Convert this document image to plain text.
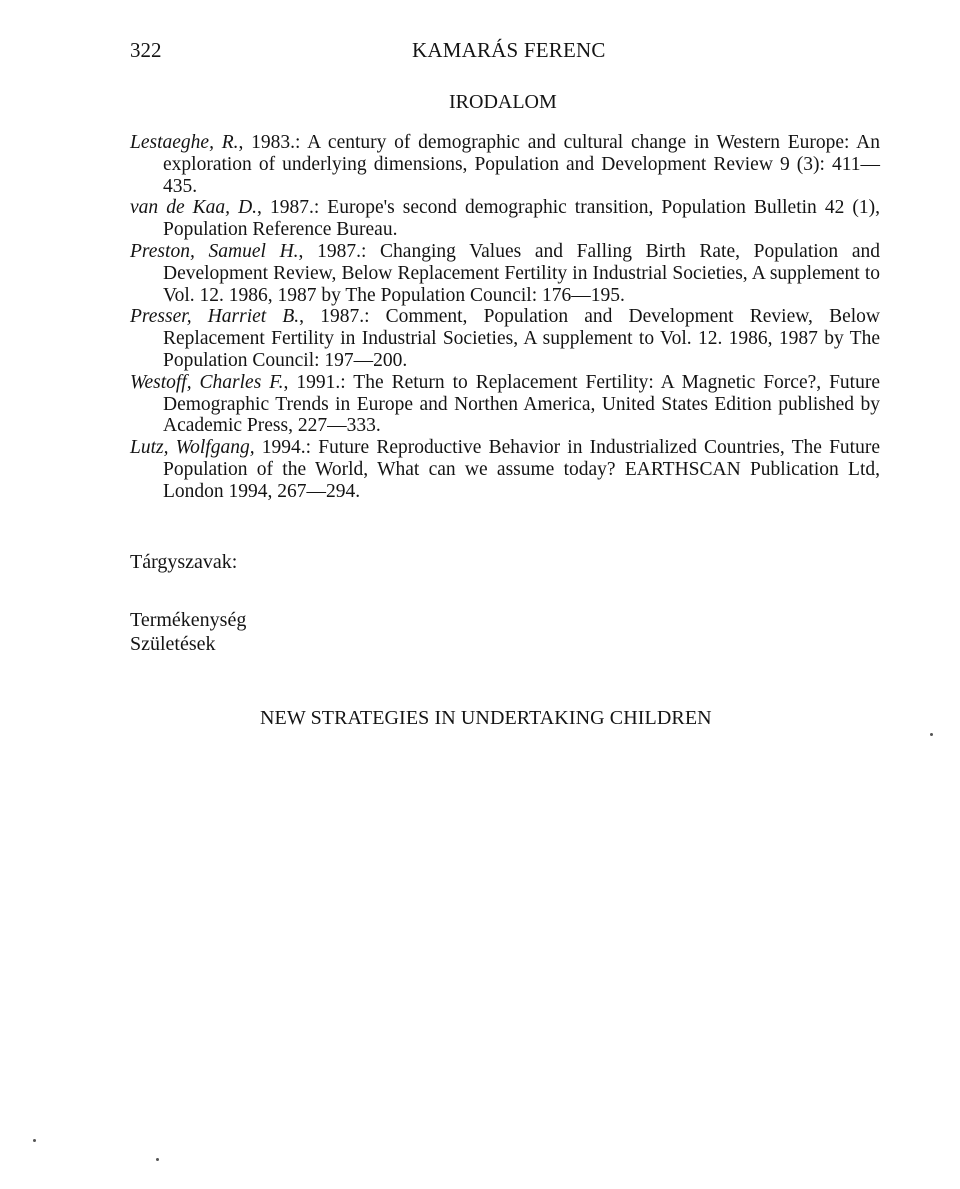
322	KAMARÁS FERENC
IRODALOM

Lestaeghe, R., 1983.: A century of demographic and cultural change in Western Europe: An exploration of underlying dimensions, Population and Development Review 9 (3): 411—435.

van de Kaa, D., 1987.: Europe's second demographic transition, Population Bulletin 42 (1), Population Reference Bureau.

Preston, Samuel H., 1987.: Changing Values and Falling Birth Rate, Population and Development Review, Below Replacement Fertility in Industrial Societies, A supplement to Vol. 12. 1986, 1987 by The Population Council: 176—195.

Presser, Harriet B., 1987.: Comment, Population and Development Review, Below Replacement Fertility in Industrial Societies, A supplement to Vol. 12. 1986, 1987 by The Population Council: 197—200.

Westoff, Charles F., 1991.: The Return to Replacement Fertility: A Magnetic Force?, Future Demographic Trends in Europe and Northen America, United States Edition published by Academic Press, 227—333.

Lutz, Wolfgang, 1994.: Future Reproductive Behavior in Industrialized Countries, The Future Population of the World, What can we assume today? EARTHSCAN Publication Ltd, London 1994, 267—294.

Tárgyszavak:

Termékenység

Születések

NEW STRATEGIES IN UNDERTAKING CHILDREN
